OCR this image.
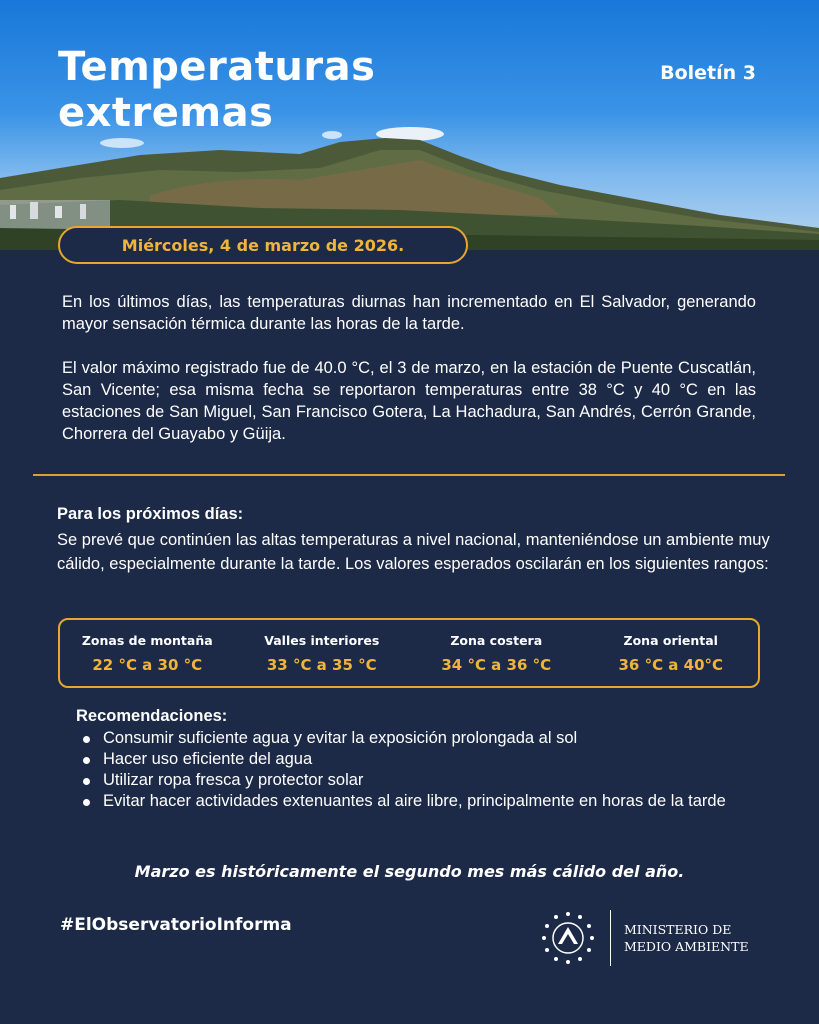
Temperaturas
extremas
Boletín 3
Miércoles, 4 de marzo de 2026.

En los últimos días, las temperaturas diurnas han incrementado en El Salvador, generando mayor sensación térmica durante las horas de la tarde.

El valor máximo registrado fue de 40.0 °C, el 3 de marzo, en la estación de Puente Cuscatlán, San Vicente; esa misma fecha se reportaron temperaturas entre 38 °C y 40 °C en las estaciones de San Miguel, San Francisco Gotera, La Hachadura, San Andrés, Cerrón Grande, Chorrera del Guayabo y Güija.

Para los próximos días:

Se prevé que continúen las altas temperaturas a nivel nacional, manteniéndose un ambiente muy cálido, especialmente durante la tarde. Los valores esperados oscilarán en los siguientes rangos:

Zonas de montaña
22 °C a 30 °C
Valles interiores
33 °C a 35 °C
Zona costera
34 °C a 36 °C
Zona oriental
36 °C a 40°C
Recomendaciones:
Consumir suficiente agua y evitar la exposición prolongada al sol
Hacer uso eficiente del agua
Utilizar ropa fresca y protector solar
Evitar hacer actividades extenuantes al aire libre, principalmente en horas de la tarde
Marzo es históricamente el segundo mes más cálido del año.
#ElObservatorioInforma	MINISTERIO DE
MEDIO AMBIENTE
